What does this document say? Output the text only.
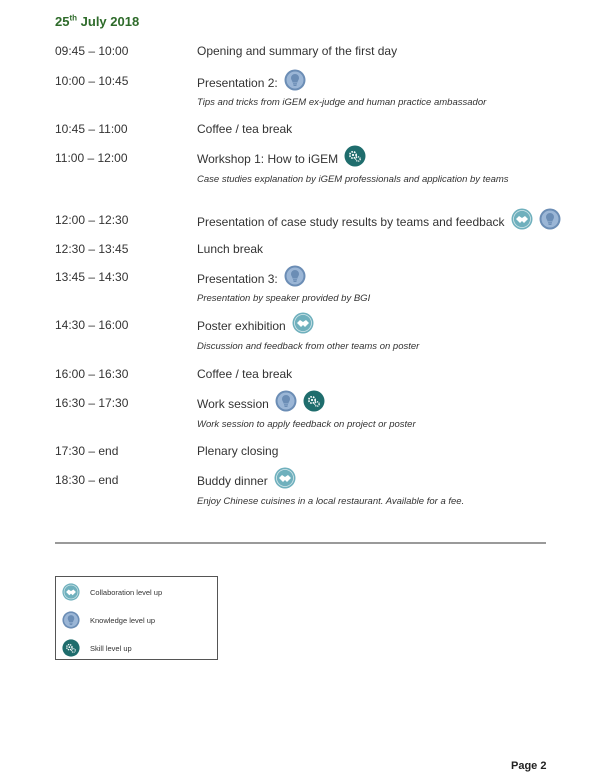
25th July 2018
09:45 – 10:00	Opening and summary of the first day
10:00 – 10:45	Presentation 2:
Tips and tricks from iGEM ex-judge and human practice ambassador
10:45 – 11:00	Coffee / tea break
11:00 – 12:00	Workshop 1: How to iGEM
Case studies explanation by iGEM professionals and application by teams
12:00 – 12:30	Presentation of case study results by teams and feedback
12:30 – 13:45	Lunch break
13:45 – 14:30	Presentation 3:
Presentation by speaker provided by BGI
14:30 – 16:00	Poster exhibition
Discussion and feedback from other teams on poster
16:00 – 16:30	Coffee / tea break
16:30 – 17:30	Work session
Work session to apply feedback on project or poster
17:30 – end	Plenary closing
18:30 – end	Buddy dinner
Enjoy Chinese cuisines in a local restaurant. Available for a fee.
Collaboration level up
Knowledge level up
Skill level up
Page 2
